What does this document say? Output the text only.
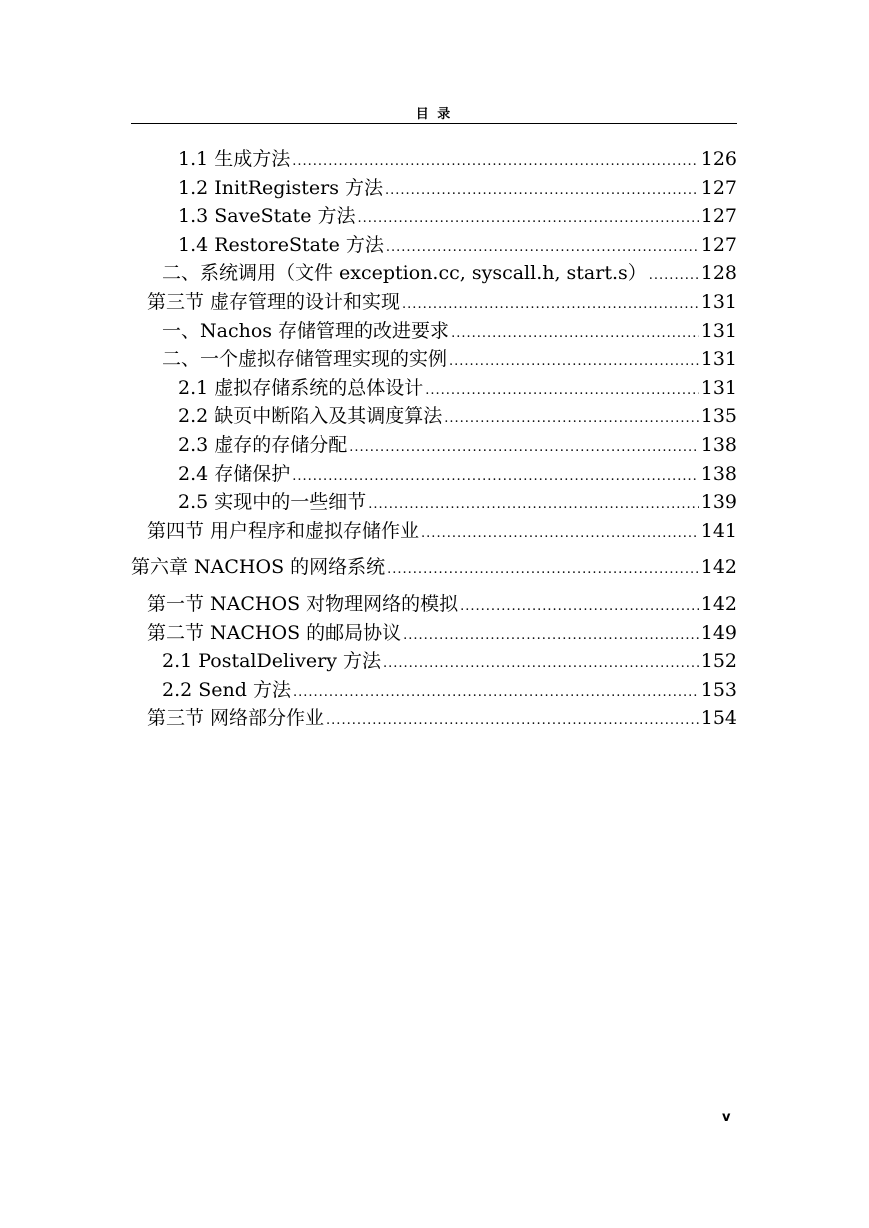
目 录
1.1 生成方法 .....	126
1.2 InitRegisters 方法 .....	127
1.3 SaveState 方法 .....	127
1.4 RestoreState 方法 .....	127
二、系统调用（文件 exception.cc, syscall.h, start.s） .....	128
第三节 虚存管理的设计和实现 .....	131
一、Nachos 存储管理的改进要求 .....	131
二、一个虚拟存储管理实现的实例 .....	131
2.1 虚拟存储系统的总体设计 .....	131
2.2 缺页中断陷入及其调度算法 .....	135
2.3 虚存的存储分配 .....	138
2.4 存储保护 .....	138
2.5 实现中的一些细节 .....	139
第四节 用户程序和虚拟存储作业 .....	141
第六章 NACHOS 的网络系统 .....	142
第一节 NACHOS 对物理网络的模拟 .....	142
第二节 NACHOS 的邮局协议 .....	149
2.1 PostalDelivery 方法 .....	152
2.2 Send 方法 .....	153
第三节 网络部分作业 .....	154
v
